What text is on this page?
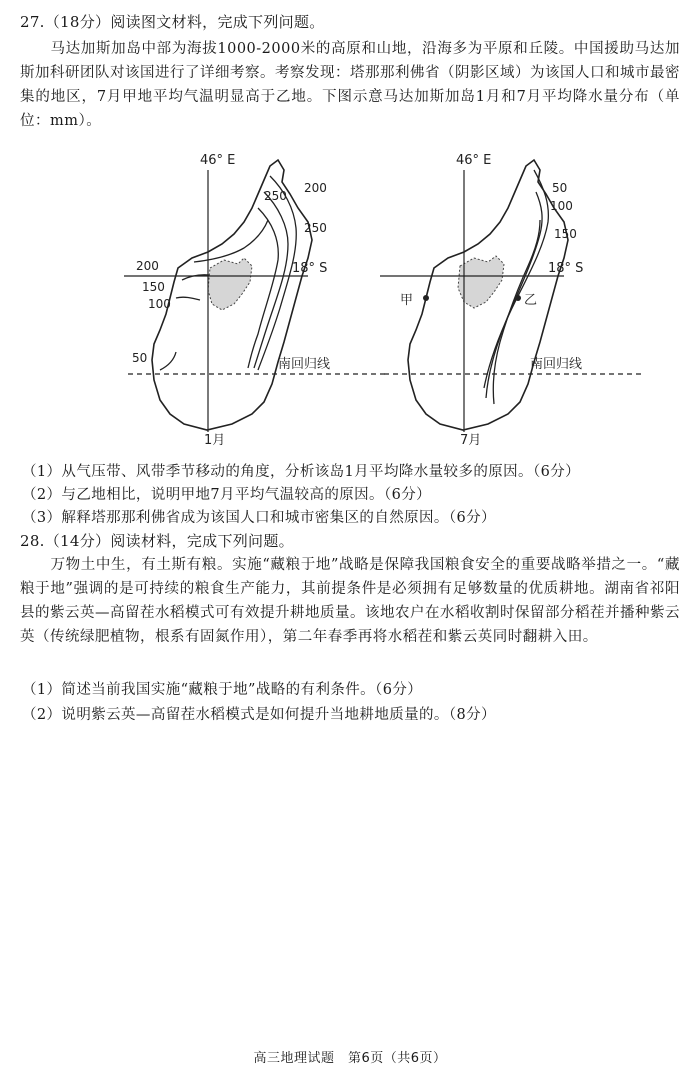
27.（18分）阅读图文材料，完成下列问题。
马达加斯加岛中部为海拔1000-2000米的高原和山地，沿海多为平原和丘陵。中国援助马达加斯加科研团队对该国进行了详细考察。考察发现：塔那那利佛省（阴影区域）为该国人口和城市最密集的地区，7月甲地平均气温明显高于乙地。下图示意马达加斯加岛1月和7月平均降水量分布（单位：mm）。
46° E
18° S
南回归线
200
250
250
200
150
100
50
1月
甲	乙
46° E
18° S
南回归线
50
100
150
7月
（1）从气压带、风带季节移动的角度，分析该岛1月平均降水量较多的原因。（6分）
（2）与乙地相比，说明甲地7月平均气温较高的原因。（6分）
（3）解释塔那那利佛省成为该国人口和城市密集区的自然原因。（6分）
28.（14分）阅读材料，完成下列问题。
万物土中生，有土斯有粮。实施“藏粮于地”战略是保障我国粮食安全的重要战略举措之一。“藏粮于地”强调的是可持续的粮食生产能力，其前提条件是必须拥有足够数量的优质耕地。湖南省祁阳县的紫云英—高留茬水稻模式可有效提升耕地质量。该地农户在水稻收割时保留部分稻茬并播种紫云英（传统绿肥植物，根系有固氮作用），第二年春季再将水稻茬和紫云英同时翻耕入田。
（1）简述当前我国实施“藏粮于地”战略的有利条件。（6分）
（2）说明紫云英—高留茬水稻模式是如何提升当地耕地质量的。（8分）
高三地理试题　第6页（共6页）
